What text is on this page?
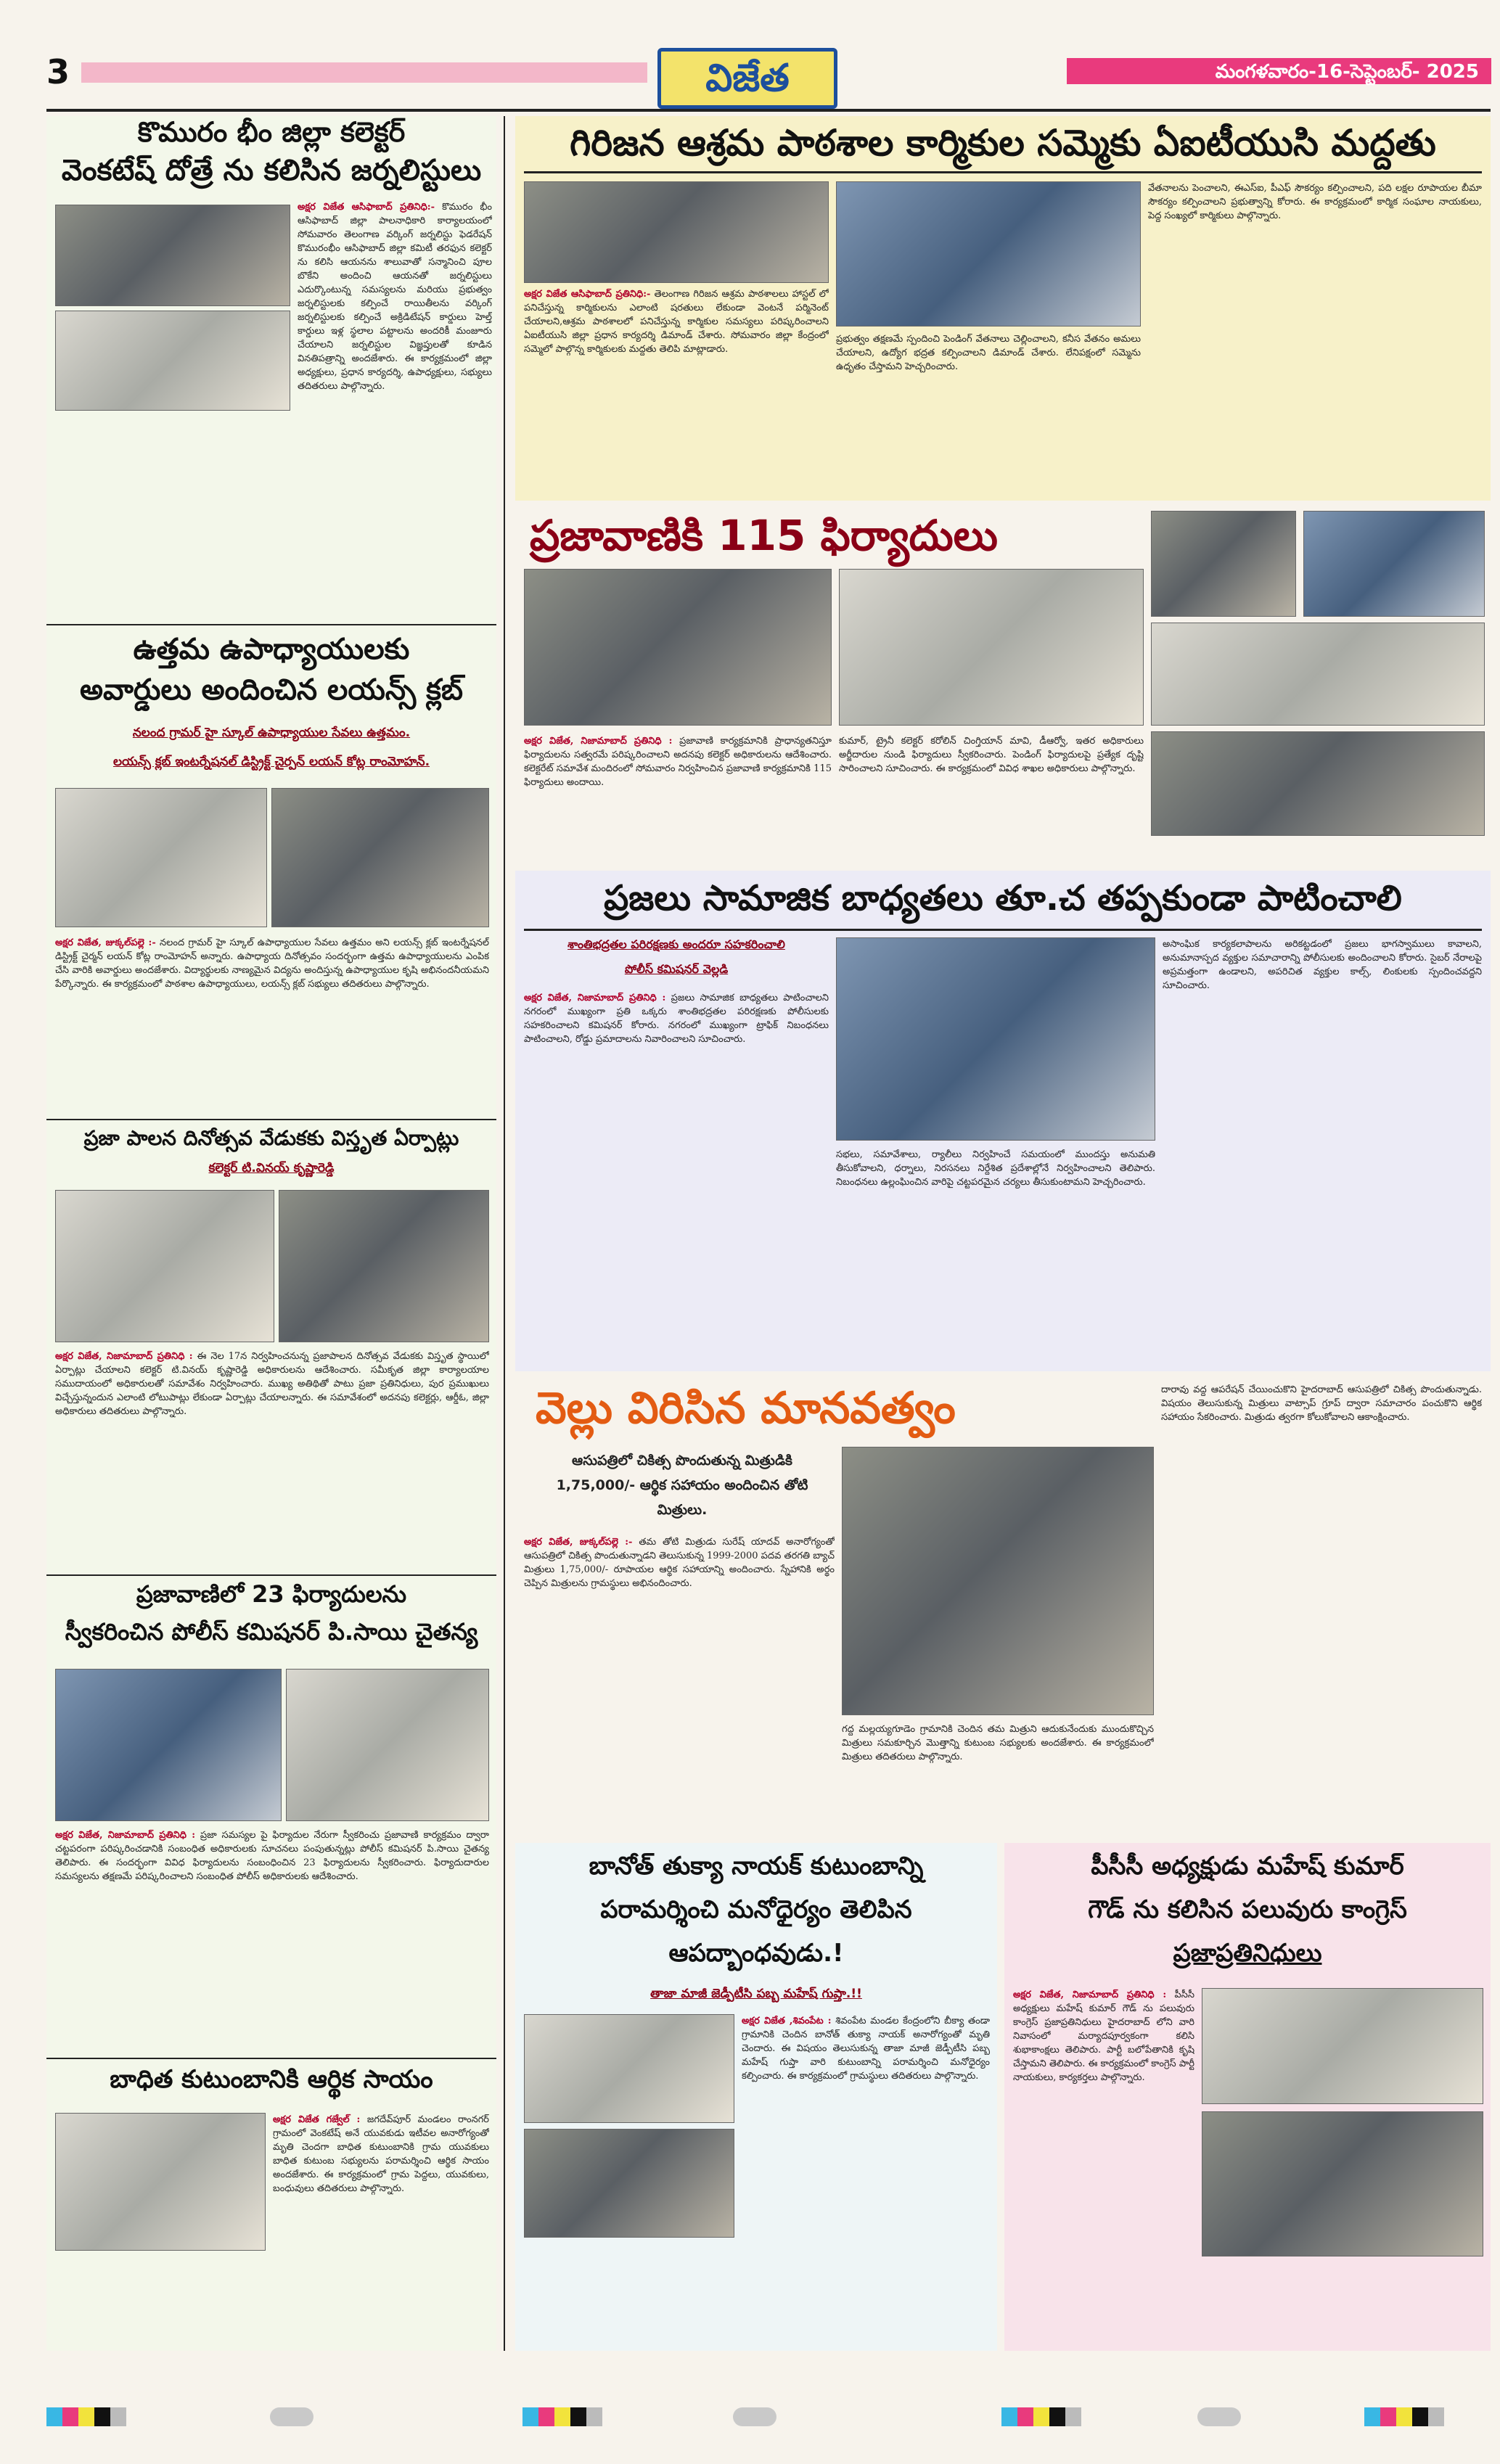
3	విజేత	మంగళవారం-16-సెప్టెంబర్- 2025
కొమురం భీం జిల్లా కలెక్టర్
వెంకటేష్ దోత్రే ను కలిసిన జర్నలిస్టులు
అక్షర విజేత ఆసిఫాబాద్ ప్రతినిధి:- కొమురం భీం ఆసిఫాబాద్ జిల్లా పాలనాధికారి కార్యాలయంలో సోమవారం తెలంగాణ వర్కింగ్ జర్నలిస్టు ఫెడరేషన్ కొమురంభీం ఆసిఫాబాద్ జిల్లా కమిటీ తరఫున కలెక్టర్ ను కలిసి ఆయనను శాలువాతో సన్మానించి పూల బొకేని అందించి ఆయనతో జర్నలిస్టులు ఎదుర్కొంటున్న సమస్యలను మరియు ప్రభుత్వం జర్నలిస్టులకు కల్పించే రాయితీలను వర్కింగ్ జర్నలిస్టులకు కల్పించే అక్రిడిటేషన్ కార్డులు హెల్త్ కార్డులు ఇళ్ల స్థలాల పట్టాలను అందరికీ మంజూరు చేయాలని జర్నలిస్టుల విజ్ఞప్తులతో కూడిన వినతిపత్రాన్ని అందజేశారు. ఈ కార్యక్రమంలో జిల్లా అధ్యక్షులు, ప్రధాన కార్యదర్శి, ఉపాధ్యక్షులు, సభ్యులు తదితరులు పాల్గొన్నారు.
ఉత్తమ ఉపాధ్యాయులకు
అవార్డులు అందించిన లయన్స్ క్లబ్
నలంద గ్రామర్ హై స్కూల్ ఉపాధ్యాయుల సేవలు ఉత్తమం.
లయన్స్ క్లబ్ ఇంటర్నేషనల్ డిస్ట్రిక్ట్ చైర్పన్ లయన్ కోట్ల రాంమోహన్.
అక్షర విజేత, జుక్కల్‌పల్లె :- నలంద గ్రామర్ హై స్కూల్ ఉపాధ్యాయుల సేవలు ఉత్తమం అని లయన్స్ క్లబ్ ఇంటర్నేషనల్ డిస్ట్రిక్ట్ చైర్మన్ లయన్ కోట్ల రాంమోహన్ అన్నారు. ఉపాధ్యాయ దినోత్సవం సందర్భంగా ఉత్తమ ఉపాధ్యాయులను ఎంపిక చేసి వారికి అవార్డులు అందజేశారు. విద్యార్థులకు నాణ్యమైన విద్యను అందిస్తున్న ఉపాధ్యాయుల కృషి అభినందనీయమని పేర్కొన్నారు. ఈ కార్యక్రమంలో పాఠశాల ఉపాధ్యాయులు, లయన్స్ క్లబ్ సభ్యులు తదితరులు పాల్గొన్నారు.
ప్రజా పాలన దినోత్సవ వేడుకకు విస్తృత ఏర్పాట్లు
కలెక్టర్ టి.వినయ్ కృష్ణారెడ్డి
అక్షర విజేత, నిజామాబాద్ ప్రతినిధి : ఈ నెల 17న నిర్వహించనున్న ప్రజాపాలన దినోత్సవ వేడుకకు విస్తృత స్థాయిలో ఏర్పాట్లు చేయాలని కలెక్టర్ టి.వినయ్ కృష్ణారెడ్డి అధికారులను ఆదేశించారు. సమీకృత జిల్లా కార్యాలయాల సముదాయంలో అధికారులతో సమావేశం నిర్వహించారు. ముఖ్య అతిథితో పాటు ప్రజా ప్రతినిధులు, పుర ప్రముఖులు విచ్చేస్తున్నందున ఎలాంటి లోటుపాట్లు లేకుండా ఏర్పాట్లు చేయాలన్నారు. ఈ సమావేశంలో అదనపు కలెక్టర్లు, ఆర్డీఓ, జిల్లా అధికారులు తదితరులు పాల్గొన్నారు.
ప్రజావాణిలో 23 ఫిర్యాదులను
స్వీకరించిన పోలీస్ కమిషనర్ పి.సాయి చైతన్య
అక్షర విజేత, నిజామాబాద్ ప్రతినిధి : ప్రజా సమస్యల పై ఫిర్యాదుల నేరుగా స్వీకరించు ప్రజావాణి కార్యక్రమం ద్వారా చట్టపరంగా పరిష్కరించడానికి సంబంధిత అధికారులకు సూచనలు పంపుతున్నట్లు పోలీస్ కమిషనర్ పి.సాయి చైతన్య తెలిపారు. ఈ సందర్భంగా వివిధ ఫిర్యాదులను సంబంధించిన 23 ఫిర్యాదులను స్వీకరించారు. ఫిర్యాదుదారుల సమస్యలను తక్షణమే పరిష్కరించాలని సంబంధిత పోలీస్ అధికారులకు ఆదేశించారు.
బాధిత కుటుంబానికి ఆర్థిక సాయం
అక్షర విజేత గజ్వేల్ : జగదేవ్‌పూర్ మండలం రాంనగర్ గ్రామంలో వెంకటేష్ అనే యువకుడు ఇటీవల అనారోగ్యంతో మృతి చెందగా బాధిత కుటుంబానికి గ్రామ యువకులు బాధిత కుటుంబ సభ్యులను పరామర్శించి ఆర్థిక సాయం అందజేశారు. ఈ కార్యక్రమంలో గ్రామ పెద్దలు, యువకులు, బంధువులు తదితరులు పాల్గొన్నారు.
గిరిజన ఆశ్రమ పాఠశాల కార్మికుల సమ్మెకు ఏఐటీయుసి మద్దతు
అక్షర విజేత ఆసిఫాబాద్ ప్రతినిధి:- తెలంగాణ గిరిజన ఆశ్రమ పాఠశాలలు హాస్టల్ లో పనిచేస్తున్న కార్మికులను ఎలాంటి షరతులు లేకుండా వెంటనే పర్మినెంట్ చేయాలని,ఆశ్రమ పాఠశాలలో పనిచేస్తున్న కార్మికుల సమస్యలు పరిష్కరించాలని ఏఐటీయుసి జిల్లా ప్రధాన కార్యదర్శి డిమాండ్ చేశారు. సోమవారం జిల్లా కేంద్రంలో సమ్మెలో పాల్గొన్న కార్మికులకు మద్దతు తెలిపి మాట్లాడారు.
ప్రభుత్వం తక్షణమే స్పందించి పెండింగ్ వేతనాలు చెల్లించాలని, కనీస వేతనం అమలు చేయాలని, ఉద్యోగ భద్రత కల్పించాలని డిమాండ్ చేశారు. లేనిపక్షంలో సమ్మెను ఉధృతం చేస్తామని హెచ్చరించారు.
వేతనాలను పెంచాలని, ఈఎస్ఐ, పీఎఫ్ సౌకర్యం కల్పించాలని, పది లక్షల రూపాయల బీమా సౌకర్యం కల్పించాలని ప్రభుత్వాన్ని కోరారు. ఈ కార్యక్రమంలో కార్మిక సంఘాల నాయకులు, పెద్ద సంఖ్యలో కార్మికులు పాల్గొన్నారు.
ప్రజావాణికి 115 ఫిర్యాదులు
అక్షర విజేత, నిజామాబాద్ ప్రతినిధి : ప్రజావాణి కార్యక్రమానికి ప్రాధాన్యతనిస్తూ ఫిర్యాదులను సత్వరమే పరిష్కరించాలని అదనపు కలెక్టర్ అధికారులను ఆదేశించారు. కలెక్టరేట్ సమావేశ మందిరంలో సోమవారం నిర్వహించిన ప్రజావాణి కార్యక్రమానికి 115 ఫిర్యాదులు అందాయి.
కుమార్, ట్రైనీ కలెక్టర్ కరోలిన్ చింగ్తియాన్ మావి, డీఆర్వో, ఇతర అధికారులు అర్జీదారుల నుండి ఫిర్యాదులు స్వీకరించారు. పెండింగ్ ఫిర్యాదులపై ప్రత్యేక దృష్టి సారించాలని సూచించారు. ఈ కార్యక్రమంలో వివిధ శాఖల అధికారులు పాల్గొన్నారు.
ప్రజలు సామాజిక బాధ్యతలు తూ.చ తప్పకుండా పాటించాలి
శాంతిభద్రతల పరిరక్షణకు అందరూ సహకరించాలి
పోలీస్ కమిషనర్ వెల్లడి
అక్షర విజేత, నిజామాబాద్ ప్రతినిధి : ప్రజలు సామాజిక బాధ్యతలు పాటించాలని నగరంలో ముఖ్యంగా ప్రతి ఒక్కరు శాంతిభద్రతల పరిరక్షణకు పోలీసులకు సహకరించాలని కమిషనర్ కోరారు. నగరంలో ముఖ్యంగా ట్రాఫిక్ నిబంధనలు పాటించాలని, రోడ్డు ప్రమాదాలను నివారించాలని సూచించారు.
సభలు, సమావేశాలు, ర్యాలీలు నిర్వహించే సమయంలో ముందస్తు అనుమతి తీసుకోవాలని, ధర్నాలు, నిరసనలు నిర్దేశిత ప్రదేశాల్లోనే నిర్వహించాలని తెలిపారు. నిబంధనలు ఉల్లంఘించిన వారిపై చట్టపరమైన చర్యలు తీసుకుంటామని హెచ్చరించారు.
అసాంఘిక కార్యకలాపాలను అరికట్టడంలో ప్రజలు భాగస్వాములు కావాలని, అనుమానాస్పద వ్యక్తుల సమాచారాన్ని పోలీసులకు అందించాలని కోరారు. సైబర్ నేరాలపై అప్రమత్తంగా ఉండాలని, అపరిచిత వ్యక్తుల కాల్స్, లింకులకు స్పందించవద్దని సూచించారు.
వెల్లు విరిసిన మానవత్వం
ఆసుపత్రిలో చికిత్స పొందుతున్న మిత్రుడికి 1,75,000/- ఆర్థిక సహాయం అందించిన తోటి మిత్రులు.
అక్షర విజేత, జుక్కల్‌పల్లె :- తమ తోటి మిత్రుడు సురేష్ యాదవ్ అనారోగ్యంతో ఆసుపత్రిలో చికిత్స పొందుతున్నాడని తెలుసుకున్న 1999-2000 పదవ తరగతి బ్యాచ్ మిత్రులు 1,75,000/- రూపాయల ఆర్థిక సహాయాన్ని అందించారు. స్నేహానికి అర్థం చెప్పిన మిత్రులను గ్రామస్థులు అభినందించారు.
గద్ద మల్లయ్యగూడెం గ్రామానికి చెందిన తమ మిత్రుని ఆదుకునేందుకు ముందుకొచ్చిన మిత్రులు సమకూర్చిన మొత్తాన్ని కుటుంబ సభ్యులకు అందజేశారు. ఈ కార్యక్రమంలో మిత్రులు తదితరులు పాల్గొన్నారు.
దారావు వద్ద ఆపరేషన్ చేయించుకొని హైదరాబాద్ ఆసుపత్రిలో చికిత్స పొందుతున్నాడు. విషయం తెలుసుకున్న మిత్రులు వాట్సాప్ గ్రూప్ ద్వారా సమాచారం పంచుకొని ఆర్థిక సహాయం సేకరించారు. మిత్రుడు త్వరగా కోలుకోవాలని ఆకాంక్షించారు.
బానోత్ తుక్యా నాయక్ కుటుంబాన్ని
పరామర్శించి మనోధైర్యం తెలిపిన
ఆపద్బాంధవుడు.!
తాజా మాజీ జెడ్పీటీసి పబ్బ మహేష్ గుప్తా.!!
అక్షర విజేత ,శివంపేట : శివంపేట మండల కేంద్రంలోని బీక్యా తండా గ్రామానికి చెందిన బానోత్ తుక్యా నాయక్ అనారోగ్యంతో మృతి చెందారు. ఈ విషయం తెలుసుకున్న తాజా మాజీ జెడ్పీటీసి పబ్బ మహేష్ గుప్తా వారి కుటుంబాన్ని పరామర్శించి మనోధైర్యం కల్పించారు. ఈ కార్యక్రమంలో గ్రామస్థులు తదితరులు పాల్గొన్నారు.
పీసీసీ అధ్యక్షుడు మహేష్ కుమార్
గౌడ్ ను కలిసిన పలువురు కాంగ్రెస్
ప్రజాప్రతినిధులు
అక్షర విజేత, నిజామాబాద్ ప్రతినిధి : పీసీసీ అధ్యక్షులు మహేష్ కుమార్ గౌడ్ ను పలువురు కాంగ్రెస్ ప్రజాప్రతినిధులు హైదరాబాద్ లోని వారి నివాసంలో మర్యాదపూర్వకంగా కలిసి శుభాకాంక్షలు తెలిపారు. పార్టీ బలోపేతానికి కృషి చేస్తామని తెలిపారు. ఈ కార్యక్రమంలో కాంగ్రెస్ పార్టీ నాయకులు, కార్యకర్తలు పాల్గొన్నారు.
